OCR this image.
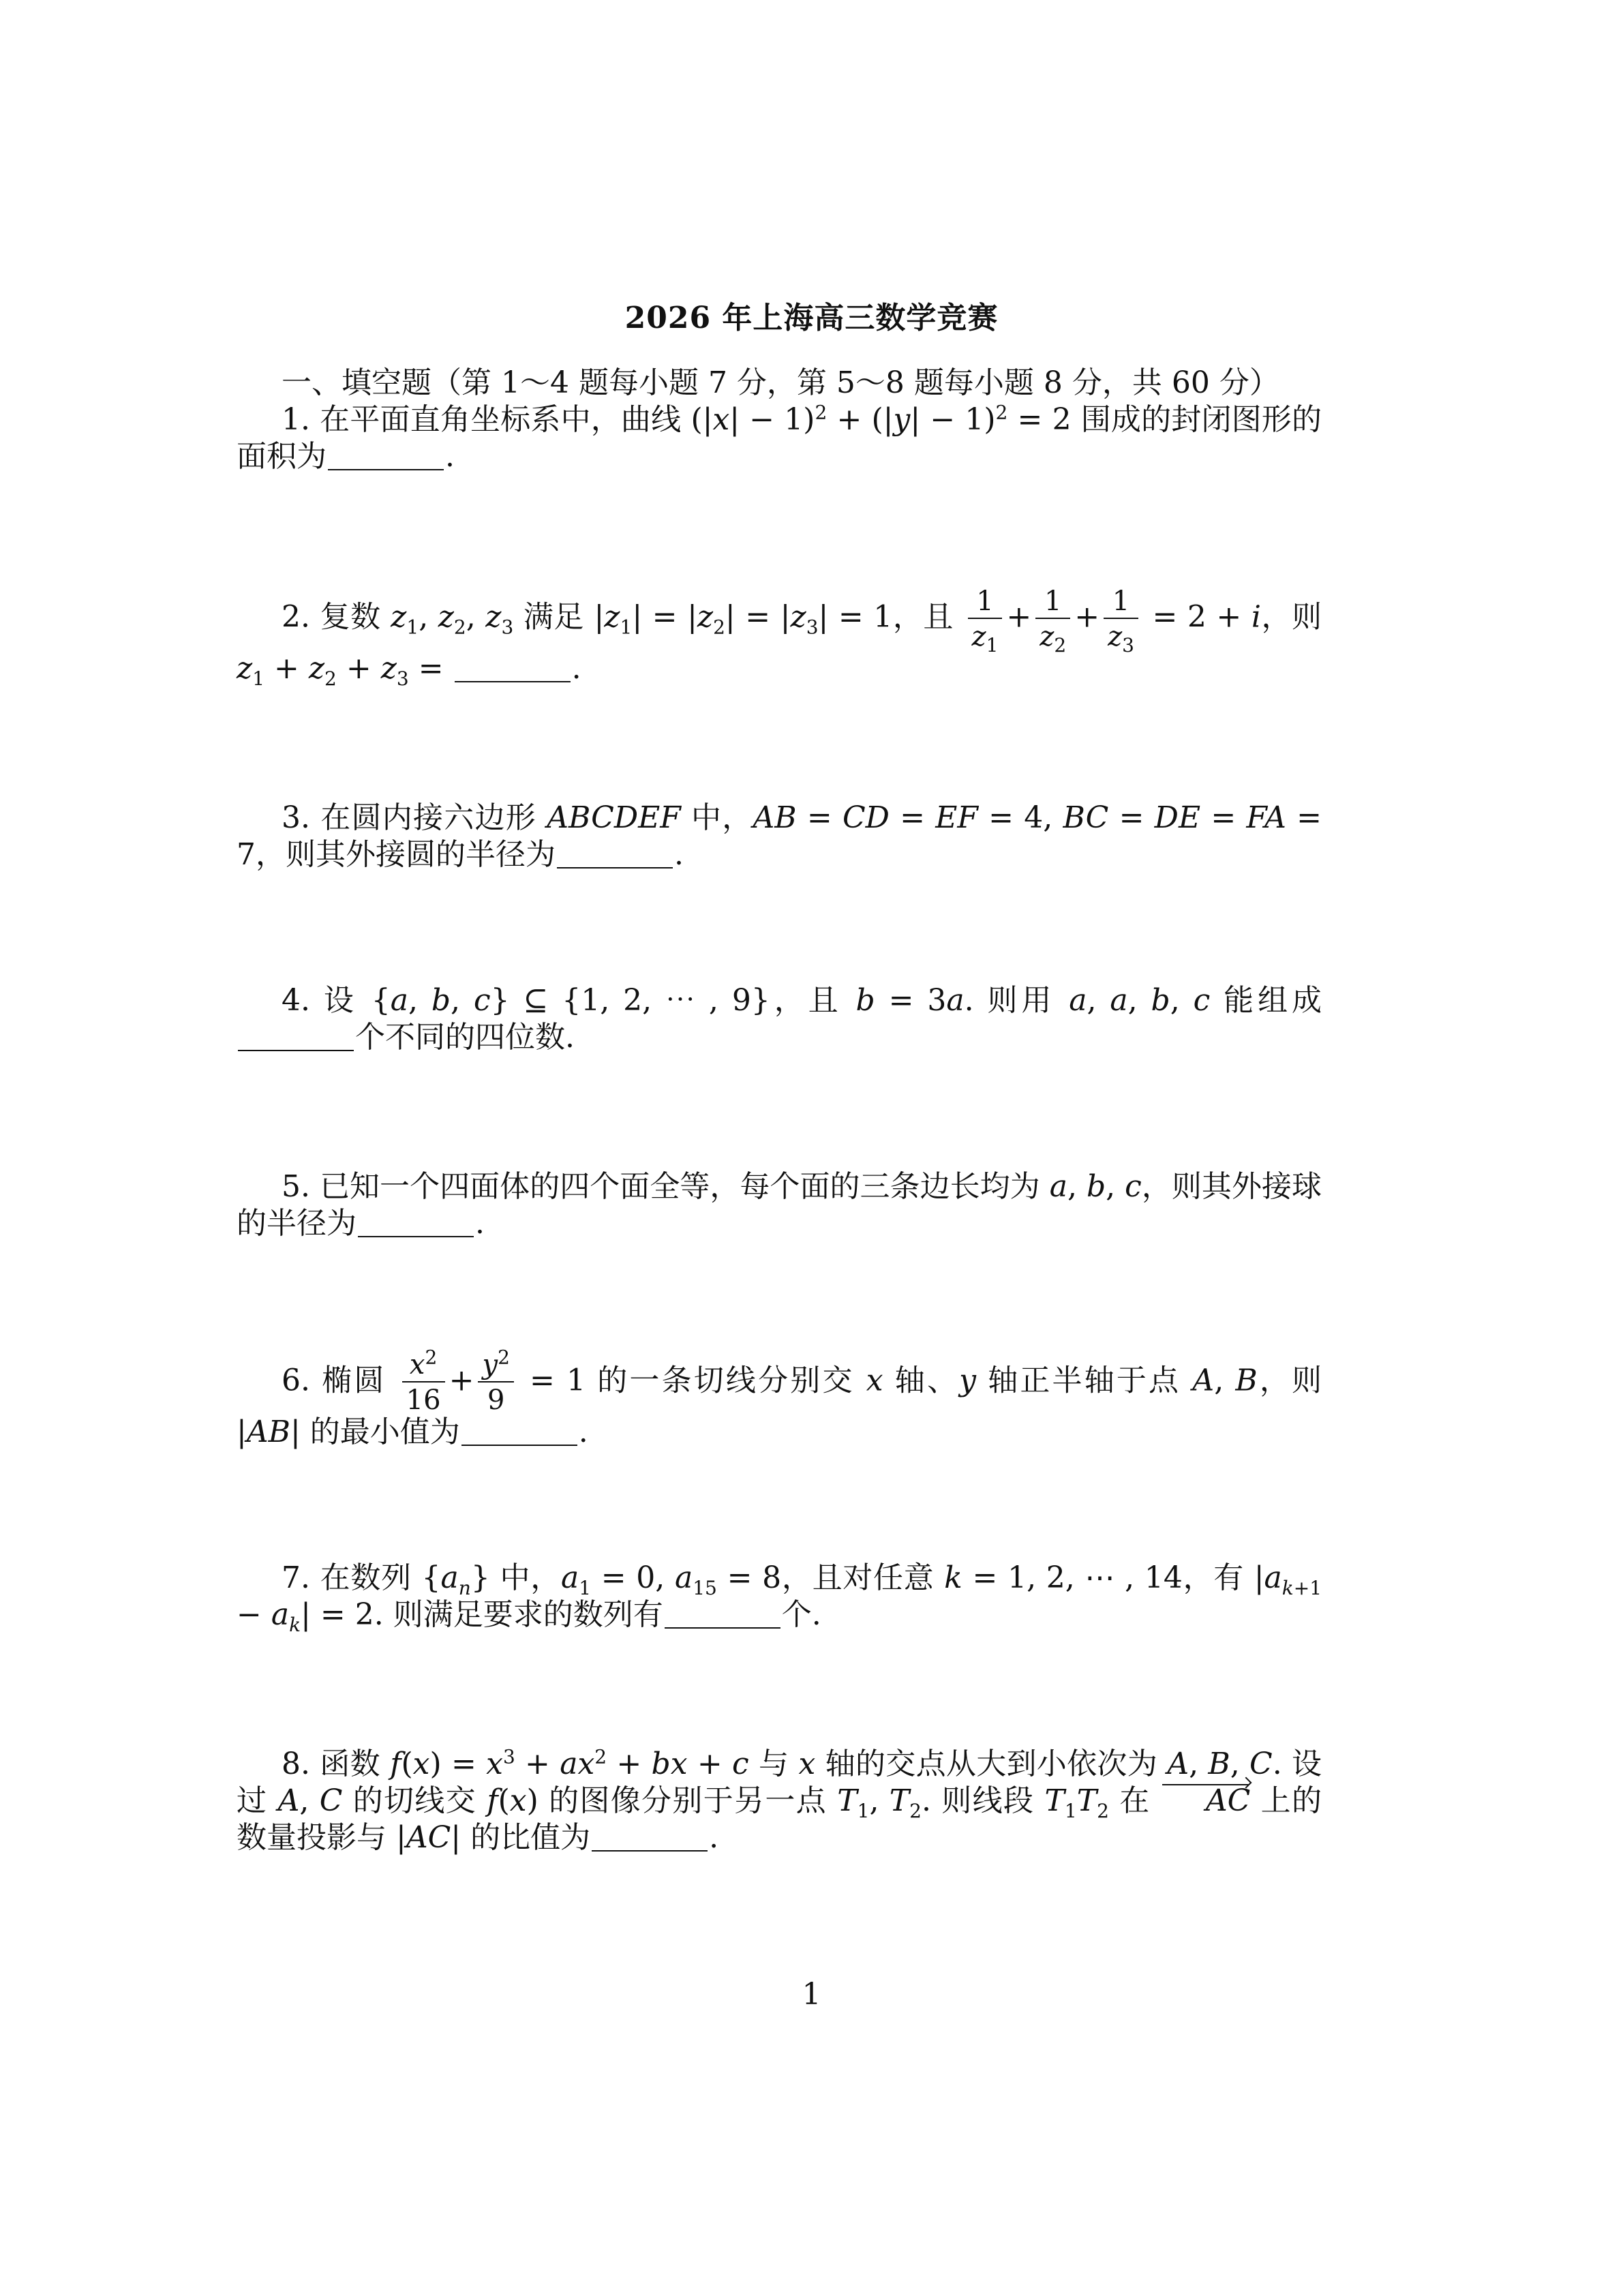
2026 年上海高三数学竞赛

一、填空题（第 1～4 题每小题 7 分，第 5～8 题每小题 8 分，共 60 分）

1. 在平面直角坐标系中，曲线 $(|x| - 1)^2 + (|y| - 1)^2 = 2$ 围成的封闭图形的面积为	.

2. 复数 $z_1$, $z_2$, $z_3$ 满足 $|z_1| = |z_2| = |z_3| = 1$，且 $\frac{1}{z_1} + \frac{1}{z_2} + \frac{1}{z_3} = 2 + i$，则 $z_1 + z_2 + z_3$ =	.

3. 在圆内接六边形 ABCDEF 中，AB = CD = EF = 4, BC = DE = FA = 7，则其外接圆的半径为	.

4. 设 {a, b, c} ⊆ {1, 2, ⋯ , 9}，且 b = 3a. 则用 a, a, b, c 能组成个不同的四位数.

5. 已知一个四面体的四个面全等，每个面的三条边长均为 a, b, c，则其外接球的半径为	.

6. 椭圆 $\frac{x^2}{16} + \frac{y^2}{9} = 1$ 的一条切线分别交 x 轴、y 轴正半轴于点 A, B，则 |AB| 的最小值为	.

7. 在数列 $\{a_n\}$ 中，$a_1 = 0$, $a_{15} = 8$，且对任意 k = 1, 2, ⋯ , 14，有 $|a_{k+1} - a_k| = 2$. 则满足要求的数列有	个.

8. 函数 $f(x) = x^3 + ax^2$ + bx + c 与 x 轴的交点从大到小依次为 A, B, C. 设过 A, C 的切线交 f(x) 的图像分别于另一点 $T_1$, $T_2$. 则线段 $T_1T_2$ 在 AC 上的数量投影与 |AC| 的比值为	.

1
